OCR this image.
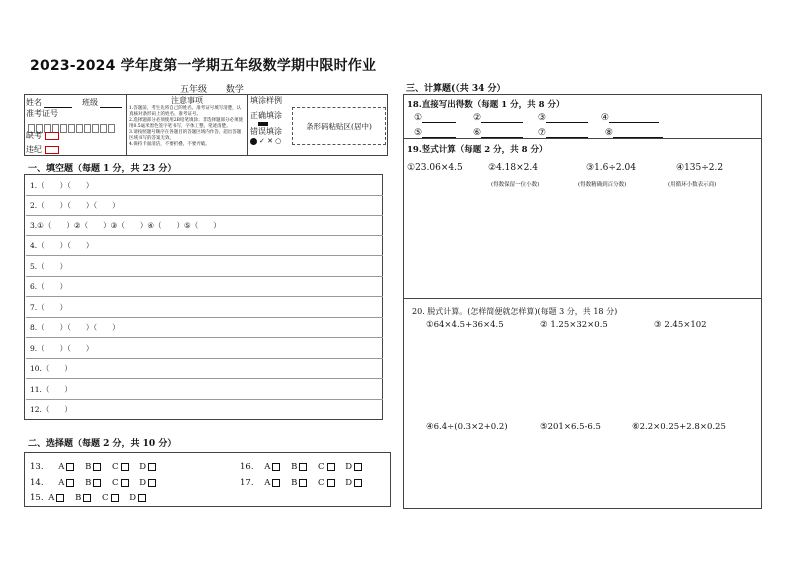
2023-2024 学年度第一学期五年级数学期中限时作业
五年级 数学
姓名	班级
准考证号
缺考
违纪
注意事项
1.答题前，考生先将自己的姓名、准考证号填写清楚，认真核对条形码上的姓名、准考证号。
2.选择题部分必须使用2B铅笔填涂；非选择题部分必须使用0.5毫米黑色签字笔书写，字体工整、笔迹清楚。
3.请按照题号顺序在各题目的答题区域内作答，超出答题区域书写的答案无效。
4.保持卡面清洁，不要折叠、不要弄破。
填涂样例
正确填涂
错误填涂
✓ ✕ ○
条形码粘贴区(居中)
一、填空题（每题 1 分，共 23 分）
1.（　　）（　　）
2.（　　）（　　）（　　）
3.①（　　）②（　　）③（　　）④（　　）⑤（　　）
4.（　　）（　　）
5.（　　）
6.（　　）
7.（　　）
8.（　　）（　　）（　　）
9.（　　）（　　）
10.（　　）
11.（　　）
12.（　　）
二、选择题（每题 2 分，共 10 分）
13. A B C D
14. A B C D
15. A B C D
16. A B C D
17. A B C D
三、计算题(（共 34 分）
18.直接写出得数（每题 1 分，共 8 分）
①	②	③	④
⑤	⑥	⑦	⑧
19.竖式计算（每题 2 分，共 8 分）
①23.06×4.5	②4.18×2.4	③1.6÷2.04	④135÷2.2
(得数保留一位小数)	(得数精确到百分数)	(用循环小数表示商)
20. 脱式计算。(怎样简便就怎样算)(每题 3 分，共 18 分)
①64×4.5+36×4.5	② 1.25×32×0.5	③ 2.45×102
④6.4÷(0.3×2+0.2)	⑤201×6.5-6.5	⑥2.2×0.25+2.8×0.25
